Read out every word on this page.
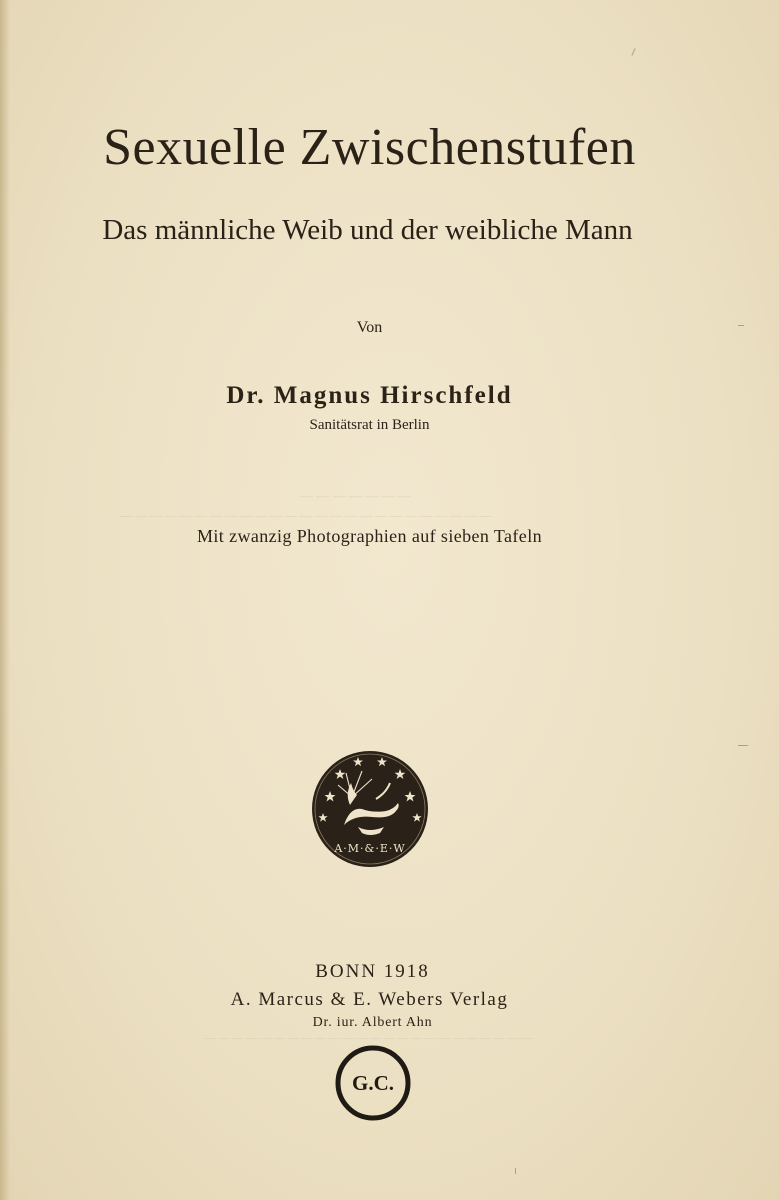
Sexuelle Zwischenstufen
Das männliche Weib und der weibliche Mann
Von
Dr. Magnus Hirschfeld
Sanitätsrat in Berlin
— — — — — — —
— — — — — — — — — — — — — — — — — — — — — — — — —
— — — — — — — — — — — — — — — — — — — — — — — —
Mit zwanzig Photographien auf sieben Tafeln
A·M·&·E·W
BONN 1918
A. Marcus & E. Webers Verlag
Dr. iur. Albert Ahn
G.C.
